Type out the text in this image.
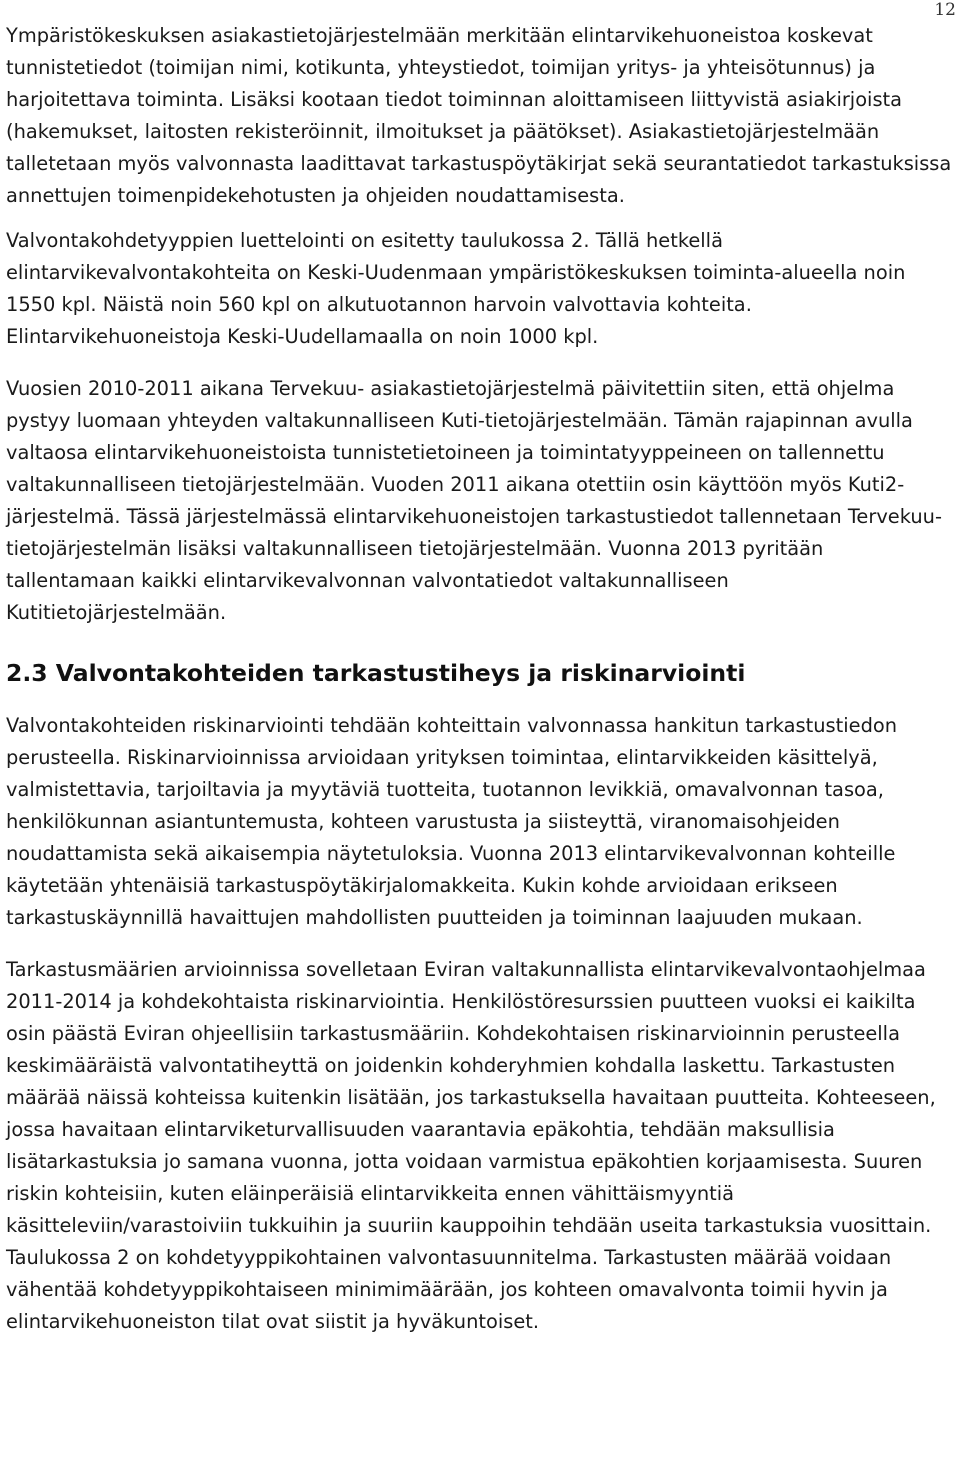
12

Ympäristökeskuksen asiakastietojärjestelmään merkitään elintarvikehuoneistoa koskevat tunnistetiedot (toimijan nimi, kotikunta, yhteystiedot, toimijan yritys- ja yhteisötunnus) ja harjoitettava toiminta. Lisäksi kootaan tiedot toiminnan aloittamiseen liittyvistä asiakirjoista (hakemukset, laitosten rekisteröinnit, ilmoitukset ja päätökset). Asiakastietojärjestelmään talletetaan myös valvonnasta laadittavat tarkastuspöytäkirjat sekä seurantatiedot tarkastuksissa annettujen toimenpidekehotusten ja ohjeiden noudattamisesta.

Valvontakohdetyyppien luettelointi on esitetty taulukossa 2. Tällä hetkellä elintarvikevalvontakohteita on Keski-Uudenmaan ympäristökeskuksen toiminta-alueella noin 1550 kpl. Näistä noin 560 kpl on alkutuotannon harvoin valvottavia kohteita. Elintarvikehuoneistoja Keski-Uudellamaalla on noin 1000 kpl.

Vuosien 2010-2011 aikana Tervekuu- asiakastietojärjestelmä päivitettiin siten, että ohjelma pystyy luomaan yhteyden valtakunnalliseen Kuti-tietojärjestelmään. Tämän rajapinnan avulla valtaosa elintarvikehuoneistoista tunnistetietoineen ja toimintatyyppeineen on tallennettu valtakunnalliseen tietojärjestelmään. Vuoden 2011 aikana otettiin osin käyttöön myös Kuti2- järjestelmä. Tässä järjestelmässä elintarvikehuoneistojen tarkastustiedot tallennetaan Tervekuu-tietojärjestelmän lisäksi valtakunnalliseen tietojärjestelmään. Vuonna 2013 pyritään tallentamaan kaikki elintarvikevalvonnan valvontatiedot valtakunnalliseen Kutitietojärjestelmään.

2.3 Valvontakohteiden tarkastustiheys ja riskinarviointi

Valvontakohteiden riskinarviointi tehdään kohteittain valvonnassa hankitun tarkastustiedon perusteella. Riskinarvioinnissa arvioidaan yrityksen toimintaa, elintarvikkeiden käsittelyä, valmistettavia, tarjoiltavia ja myytäviä tuotteita, tuotannon levikkiä, omavalvonnan tasoa, henkilökunnan asiantuntemusta, kohteen varustusta ja siisteyttä, viranomaisohjeiden noudattamista sekä aikaisempia näytetuloksia. Vuonna 2013 elintarvikevalvonnan kohteille käytetään yhtenäisiä tarkastuspöytäkirjalomakkeita. Kukin kohde arvioidaan erikseen tarkastuskäynnillä havaittujen mahdollisten puutteiden ja toiminnan laajuuden mukaan.

Tarkastusmäärien arvioinnissa sovelletaan Eviran valtakunnallista elintarvikevalvontaohjelmaa 2011-2014 ja kohdekohtaista riskinarviointia. Henkilöstöresurssien puutteen vuoksi ei kaikilta osin päästä Eviran ohjeellisiin tarkastusmääriin. Kohdekohtaisen riskinarvioinnin perusteella keskimääräistä valvontatiheyttä on joidenkin kohderyhmien kohdalla laskettu. Tarkastusten määrää näissä kohteissa kuitenkin lisätään, jos tarkastuksella havaitaan puutteita. Kohteeseen, jossa havaitaan elintarviketurvallisuuden vaarantavia epäkohtia, tehdään maksullisia lisätarkastuksia jo samana vuonna, jotta voidaan varmistua epäkohtien korjaamisesta. Suuren riskin kohteisiin, kuten eläinperäisiä elintarvikkeita ennen vähittäismyyntiä käsitteleviin/varastoiviin tukkuihin ja suuriin kauppoihin tehdään useita tarkastuksia vuosittain. Taulukossa 2 on kohdetyyppikohtainen valvontasuunnitelma. Tarkastusten määrää voidaan vähentää kohdetyyppikohtaiseen minimimäärään, jos kohteen omavalvonta toimii hyvin ja elintarvikehuoneiston tilat ovat siistit ja hyväkuntoiset.
